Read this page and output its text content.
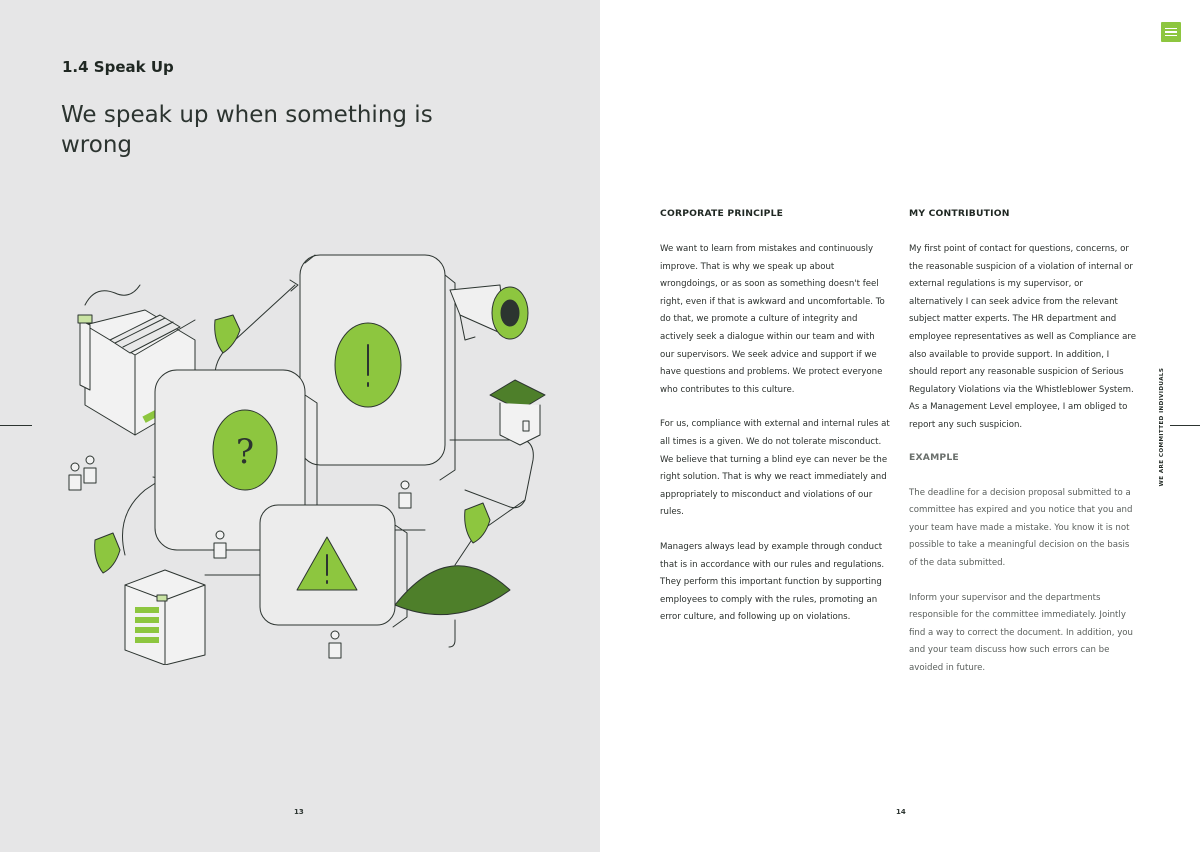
1.4 Speak Up
We speak up when something is wrong
?
13
CORPORATE PRINCIPLE

We want to learn from mistakes and continuously improve. That is why we speak up about wrongdoings, or as soon as something doesn't feel right, even if that is awkward and uncomfortable. To do that, we promote a culture of integrity and actively seek a dialogue within our team and with our supervisors. We seek advice and support if we have questions and problems. We protect everyone who contributes to this culture.

For us, compliance with external and internal rules at all times is a given. We do not tolerate misconduct. We believe that turning a blind eye can never be the right solution. That is why we react immediately and appropriately to misconduct and violations of our rules.

Managers always lead by example through conduct that is in accordance with our rules and regulations. They perform this important function by supporting employees to comply with the rules, promoting an error culture, and following up on violations.

MY CONTRIBUTION

My first point of contact for questions, concerns, or the reasonable suspicion of a violation of internal or external regulations is my supervisor, or alternatively I can seek advice from the relevant subject matter experts. The HR department and employee representatives as well as Compliance are also available to provide support. In addition, I should report any reasonable suspicion of Serious Regulatory Violations via the Whistleblower System. As a Management Level employee, I am obliged to report any such suspicion.

EXAMPLE

The deadline for a decision proposal submitted to a committee has expired and you notice that you and your team have made a mistake. You know it is not possible to take a meaningful decision on the basis of the data submitted.

Inform your supervisor and the departments responsible for the committee immediately. Jointly find a way to correct the document. In addition, you and your team discuss how such errors can be avoided in future.

WE ARE COMMITTED INDIVIDUALS
14
